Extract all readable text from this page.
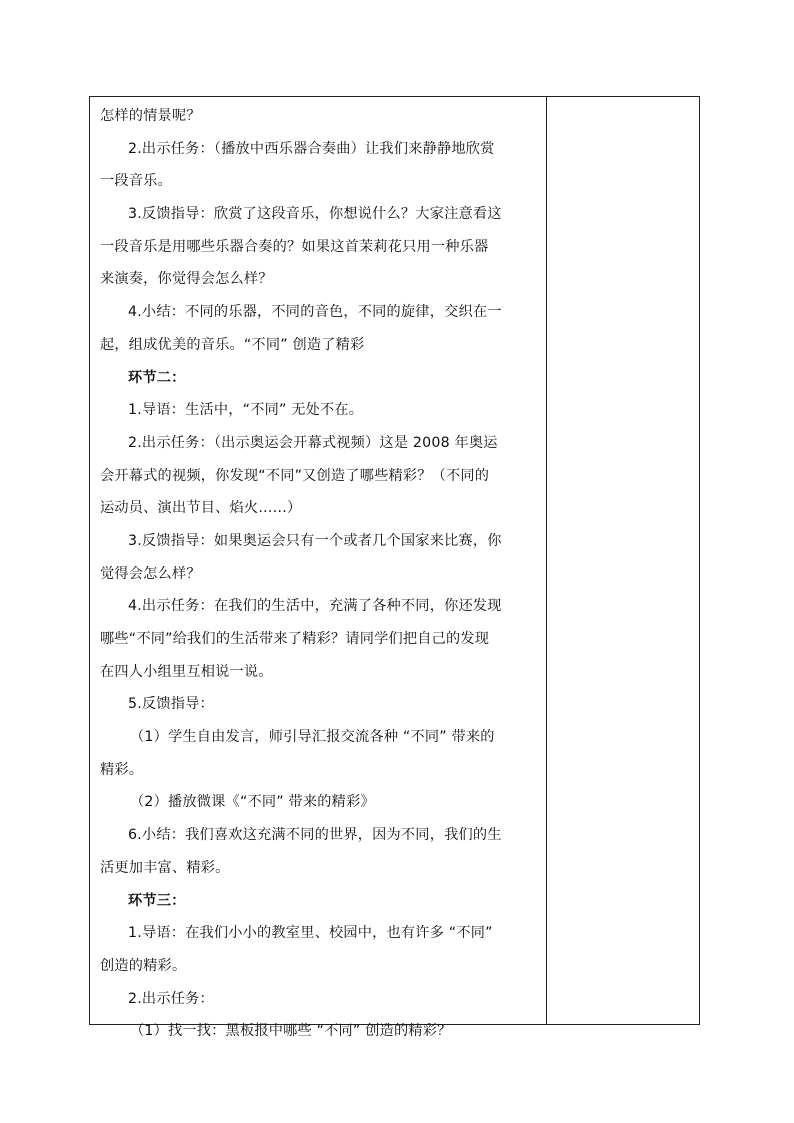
怎样的情景呢？
2.出示任务：（播放中西乐器合奏曲）让我们来静静地欣赏
一段音乐。
3.反馈指导：欣赏了这段音乐，你想说什么？大家注意看这
一段音乐是用哪些乐器合奏的？如果这首茉莉花只用一种乐器
来演奏，你觉得会怎么样？
4.小结：不同的乐器，不同的音色，不同的旋律，交织在一
起，组成优美的音乐。“不同” 创造了精彩
环节二：
1.导语：生活中，“不同” 无处不在。
2.出示任务：（出示奥运会开幕式视频）这是 2008 年奥运
会开幕式的视频，你发现“不同”又创造了哪些精彩？（不同的
运动员、演出节目、焰火……）
3.反馈指导：如果奥运会只有一个或者几个国家来比赛，你
觉得会怎么样？
4.出示任务：在我们的生活中，充满了各种不同，你还发现
哪些“不同”给我们的生活带来了精彩？请同学们把自己的发现
在四人小组里互相说一说。
5.反馈指导：
（1）学生自由发言，师引导汇报交流各种 “不同” 带来的
精彩。
（2）播放微课《“不同” 带来的精彩》
6.小结：我们喜欢这充满不同的世界，因为不同，我们的生
活更加丰富、精彩。
环节三：
1.导语：在我们小小的教室里、校园中，也有许多 “不同”
创造的精彩。
2.出示任务：
（1）找一找：黑板报中哪些 “不同” 创造的精彩？
